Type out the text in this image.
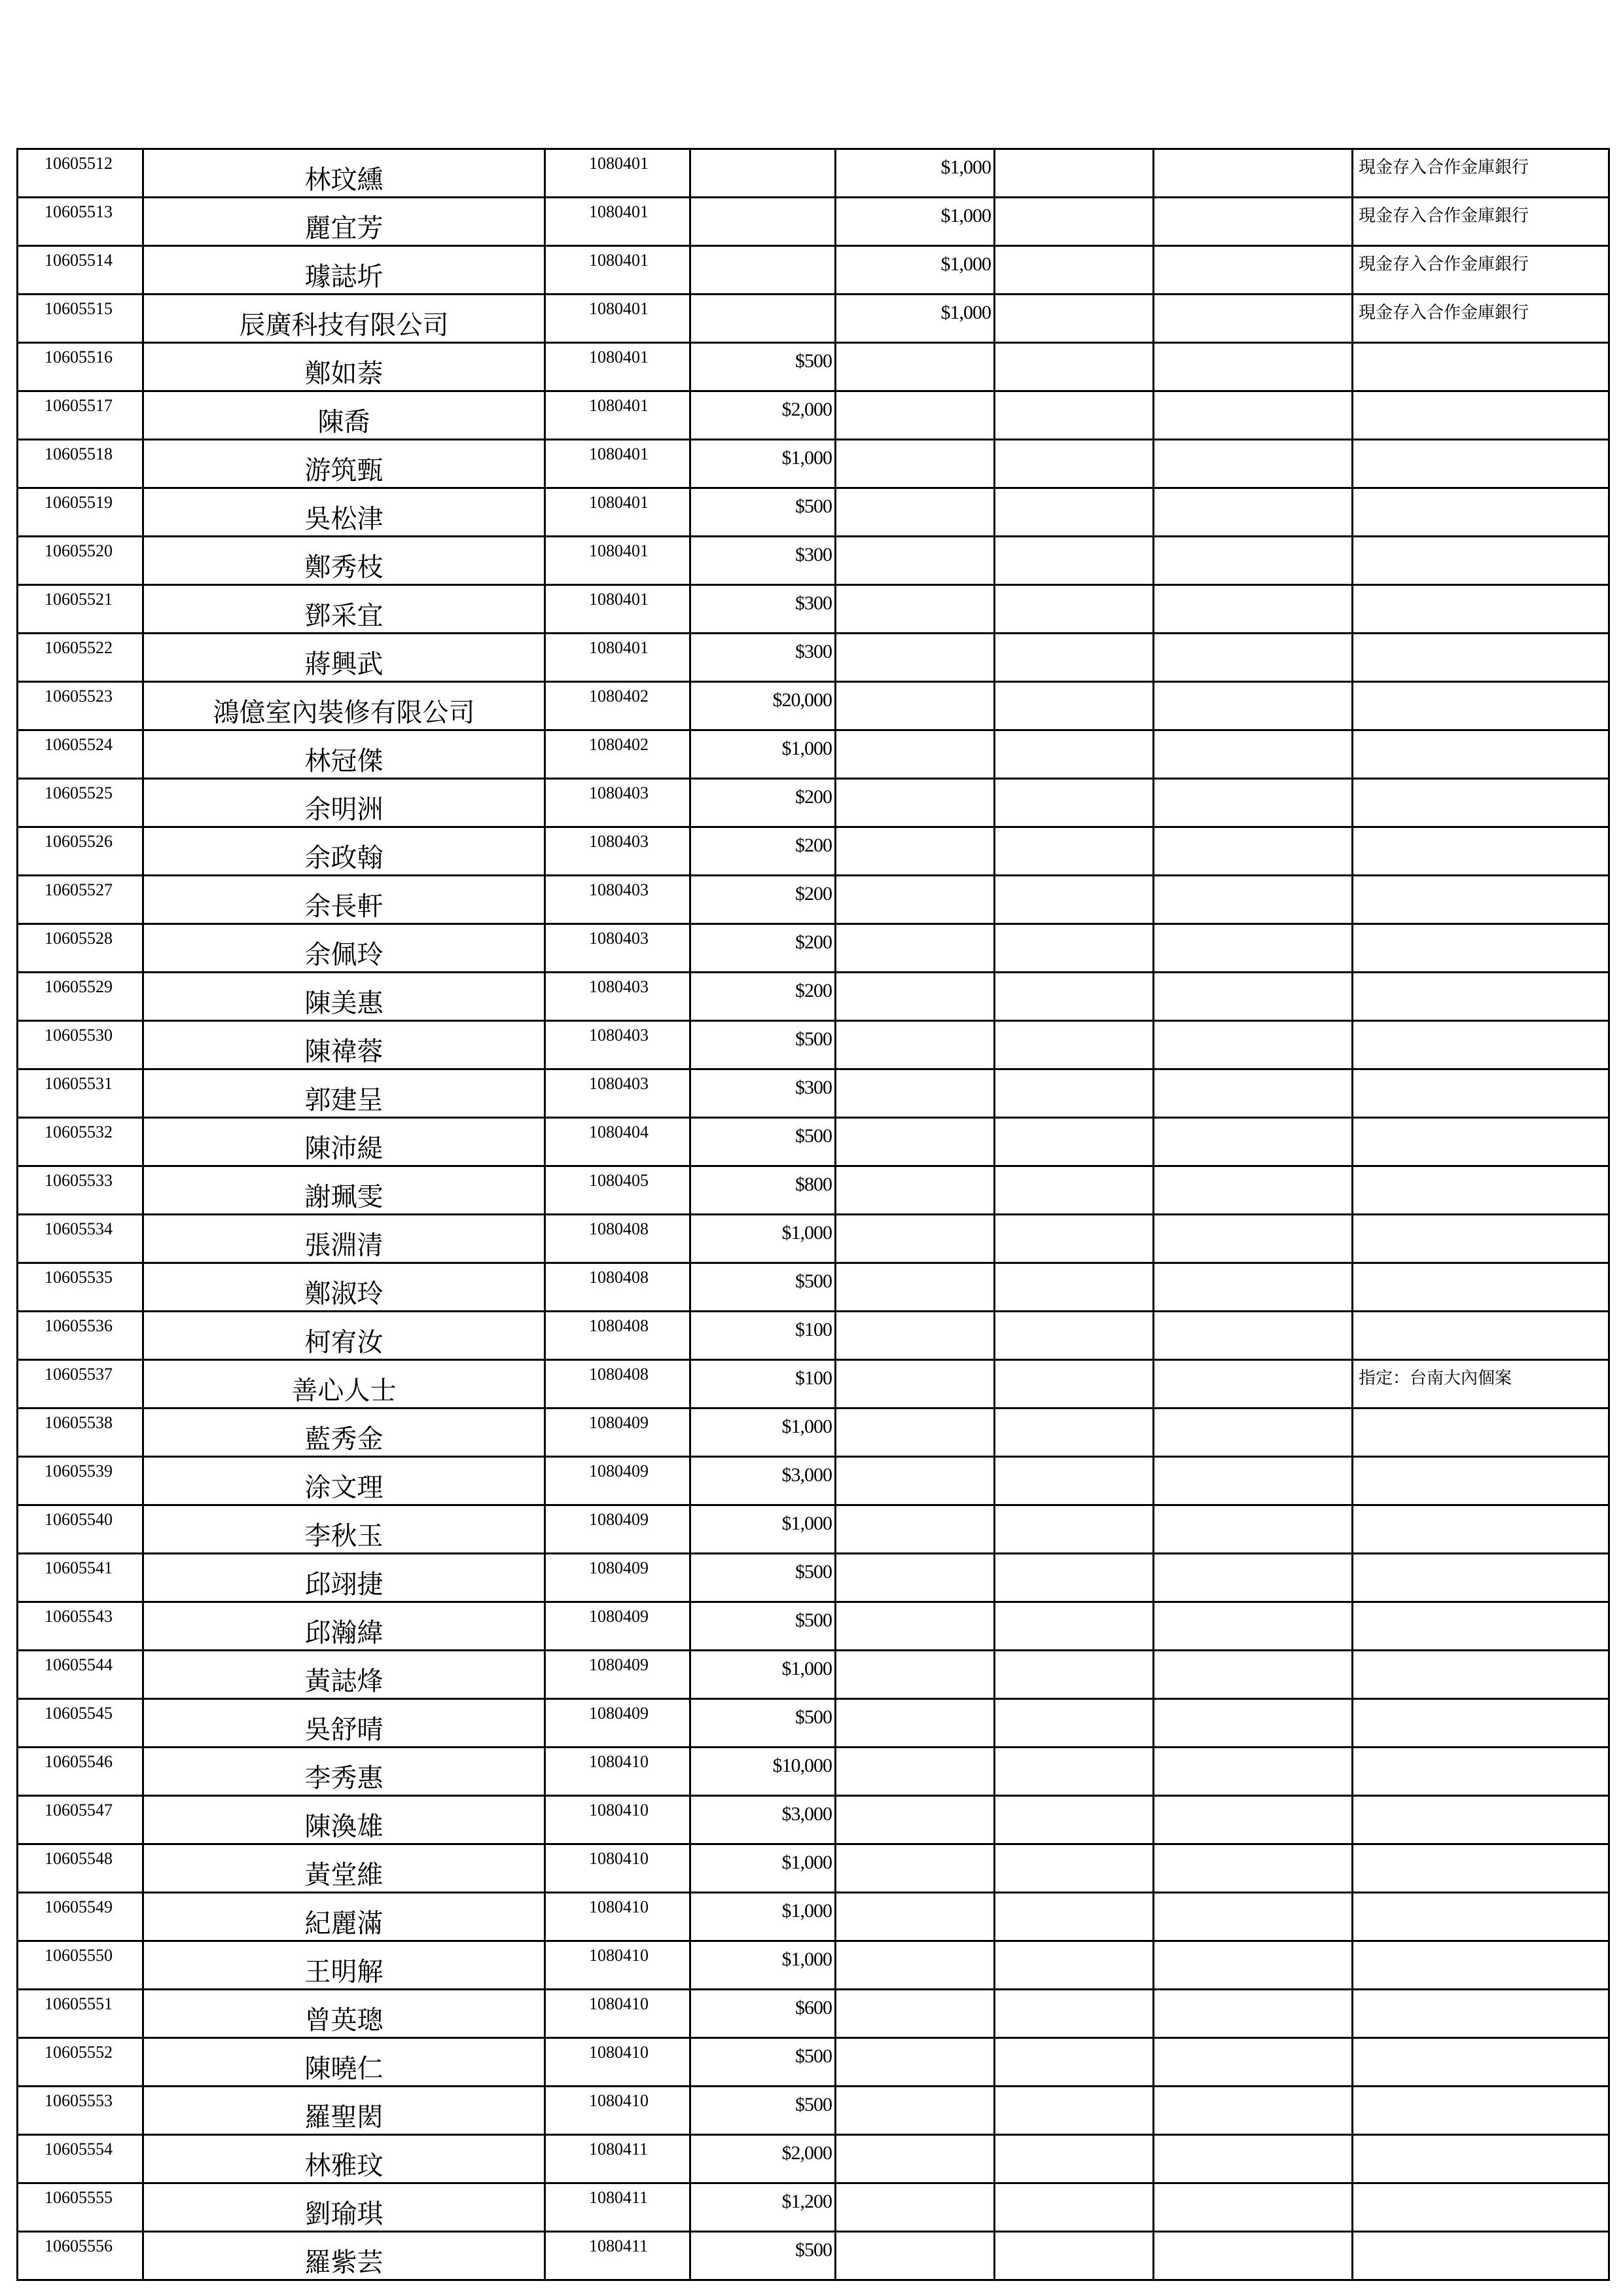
10605512	林玟纁	1080401		$1,000			現金存入合作金庫銀行
10605513	麗宜芳	1080401		$1,000			現金存入合作金庫銀行
10605514	璩誌圻	1080401		$1,000			現金存入合作金庫銀行
10605515	辰廣科技有限公司	1080401		$1,000			現金存入合作金庫銀行
10605516	鄭如萘	1080401	$500				
10605517	陳喬	1080401	$2,000				
10605518	游筑甄	1080401	$1,000				
10605519	吳松津	1080401	$500				
10605520	鄭秀枝	1080401	$300				
10605521	鄧采宜	1080401	$300				
10605522	蔣興武	1080401	$300				
10605523	鴻億室內裝修有限公司	1080402	$20,000				
10605524	林冠傑	1080402	$1,000				
10605525	余明洲	1080403	$200				
10605526	余政翰	1080403	$200				
10605527	余長軒	1080403	$200				
10605528	余佩玲	1080403	$200				
10605529	陳美惠	1080403	$200				
10605530	陳禕蓉	1080403	$500				
10605531	郭建呈	1080403	$300				
10605532	陳沛緹	1080404	$500				
10605533	謝珮雯	1080405	$800				
10605534	張淵清	1080408	$1,000				
10605535	鄭淑玲	1080408	$500				
10605536	柯宥汝	1080408	$100				
10605537	善心人士	1080408	$100				指定：台南大內個案
10605538	藍秀金	1080409	$1,000				
10605539	涂文理	1080409	$3,000				
10605540	李秋玉	1080409	$1,000				
10605541	邱翊捷	1080409	$500				
10605543	邱瀚緯	1080409	$500				
10605544	黃誌烽	1080409	$1,000				
10605545	吳舒晴	1080409	$500				
10605546	李秀惠	1080410	$10,000				
10605547	陳渙雄	1080410	$3,000				
10605548	黃堂維	1080410	$1,000				
10605549	紀麗滿	1080410	$1,000				
10605550	王明解	1080410	$1,000				
10605551	曾英璁	1080410	$600				
10605552	陳曉仁	1080410	$500				
10605553	羅聖閎	1080410	$500				
10605554	林雅玟	1080411	$2,000				
10605555	劉瑜琪	1080411	$1,200				
10605556	羅紫芸	1080411	$500				
